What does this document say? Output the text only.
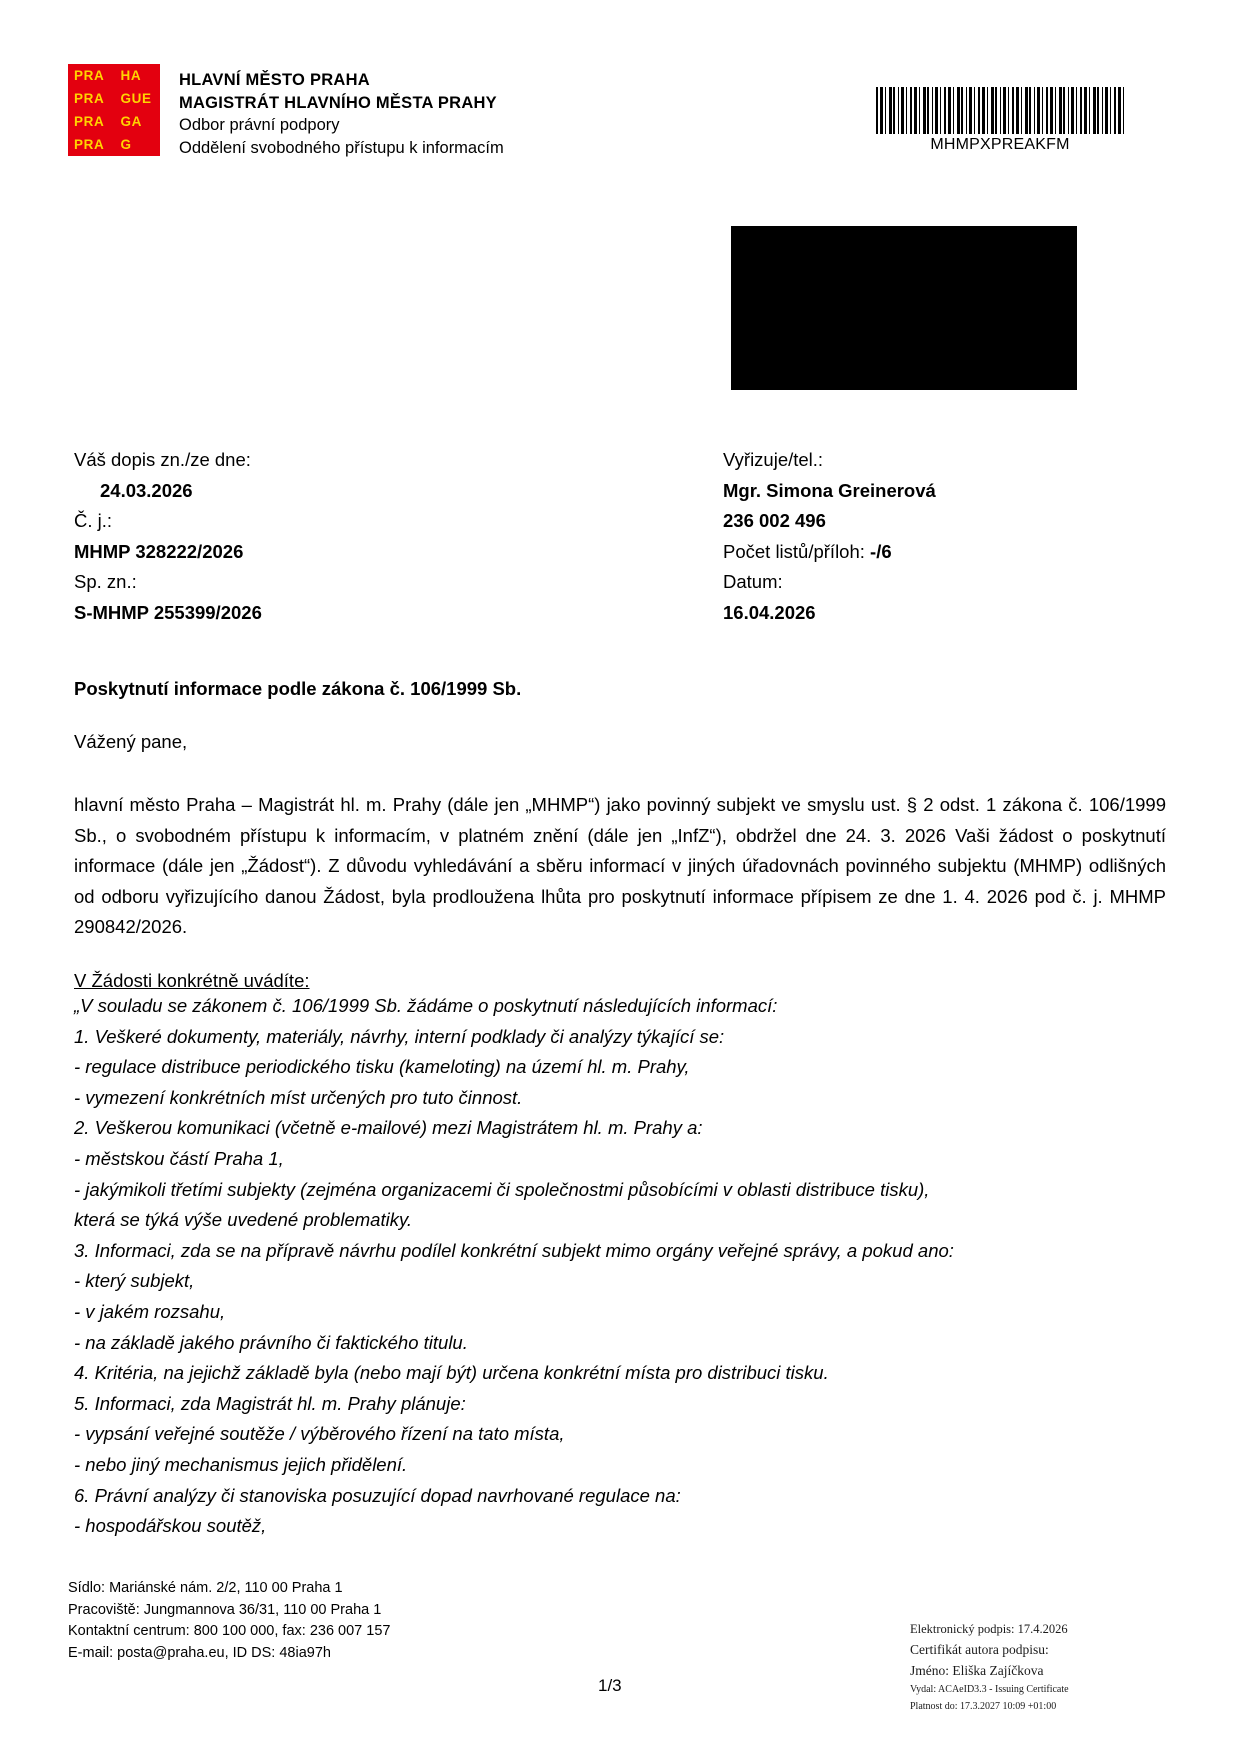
PRA	HA
PRA	GUE
PRA	GA
PRA	G
HLAVNÍ MĚSTO PRAHA
MAGISTRÁT HLAVNÍHO MĚSTA PRAHY
Odbor právní podpory
Oddělení svobodného přístupu k informacím	MHMPXPREAKFM
Váš dopis zn./ze dne:
24.03.2026
Č. j.:
MHMP 328222/2026
Sp. zn.:
S-MHMP 255399/2026
Vyřizuje/tel.:
Mgr. Simona Greinerová
236 002 496
Počet listů/příloh: -/6
Datum:
16.04.2026
Poskytnutí informace podle zákona č. 106/1999 Sb.
Vážený pane,
hlavní město Praha – Magistrát hl. m. Prahy (dále jen „MHMP“) jako povinný subjekt ve smyslu ust. § 2 odst. 1 zákona č. 106/1999 Sb., o svobodném přístupu k informacím, v platném znění (dále jen „InfZ“), obdržel dne 24. 3. 2026 Vaši žádost o poskytnutí informace (dále jen „Žádost“). Z důvodu vyhledávání a sběru informací v jiných úřadovnách povinného subjektu (MHMP) odlišných od odboru vyřizujícího danou Žádost, byla prodloužena lhůta pro poskytnutí informace přípisem ze dne 1. 4. 2026 pod č. j. MHMP 290842/2026.
V Žádosti konkrétně uvádíte:
„V souladu se zákonem č. 106/1999 Sb. žádáme o poskytnutí následujících informací:
1. Veškeré dokumenty, materiály, návrhy, interní podklady či analýzy týkající se:
- regulace distribuce periodického tisku (kameloting) na území hl. m. Prahy,
- vymezení konkrétních míst určených pro tuto činnost.
2. Veškerou komunikaci (včetně e-mailové) mezi Magistrátem hl. m. Prahy a:
- městskou částí Praha 1,
- jakýmikoli třetími subjekty (zejména organizacemi či společnostmi působícími v oblasti distribuce tisku),
která se týká výše uvedené problematiky.
3. Informaci, zda se na přípravě návrhu podílel konkrétní subjekt mimo orgány veřejné správy, a pokud ano:
- který subjekt,
- v jakém rozsahu,
- na základě jakého právního či faktického titulu.
4. Kritéria, na jejichž základě byla (nebo mají být) určena konkrétní místa pro distribuci tisku.
5. Informaci, zda Magistrát hl. m. Prahy plánuje:
- vypsání veřejné soutěže / výběrového řízení na tato místa,
- nebo jiný mechanismus jejich přidělení.
6. Právní analýzy či stanoviska posuzující dopad navrhované regulace na:
- hospodářskou soutěž,
Sídlo: Mariánské nám. 2/2, 110 00 Praha 1
Pracoviště: Jungmannova 36/31, 110 00 Praha 1
Kontaktní centrum: 800 100 000, fax: 236 007 157
E-mail: posta@praha.eu, ID DS: 48ia97h
1/3
Elektronický podpis: 17.4.2026
Certifikát autora podpisu:
Jméno: Eliška Zajíčkova
Vydal: ACAeID3.3 - Issuing Certificate
Platnost do: 17.3.2027 10:09 +01:00
